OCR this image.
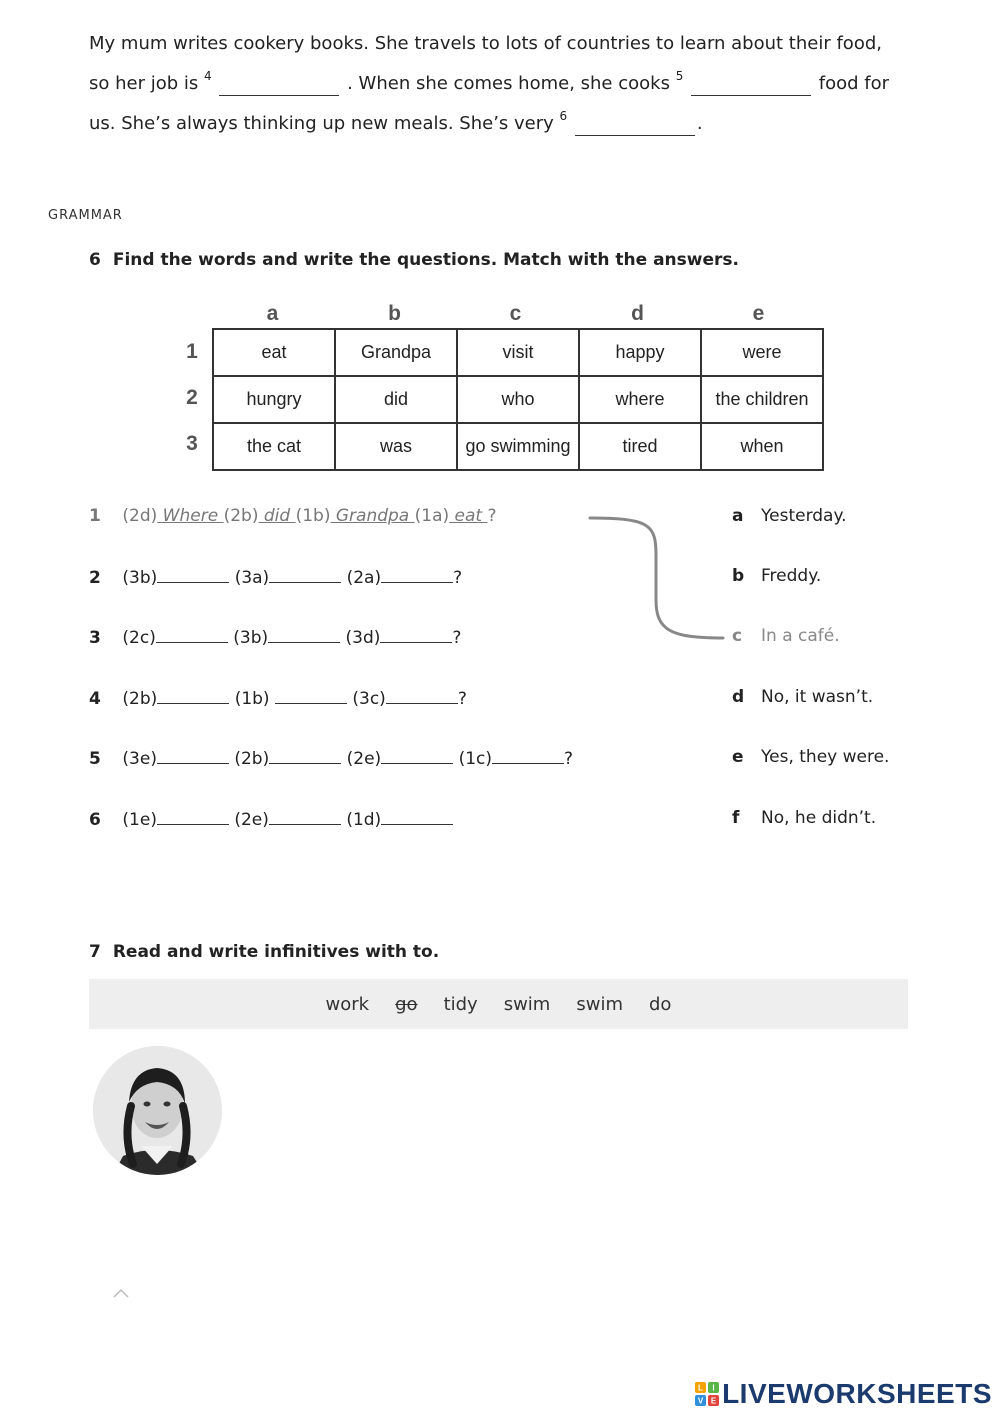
My mum writes cookery books. She travels to lots of countries to learn about their food,
so her job is $^4$	. When she comes home, she cooks $^5$	food for
us. She’s always thinking up new meals. She’s very $^6$	.
GRAMMAR
6 Find the words and write the questions. Match with the answers.
a	b	c	d	e
1
2
3
eat	Grandpa	visit	happy	were
hungry	did	who	where	the children
the cat	was	go swimming	tired	when
1 (2d) Where (2b) did (1b) Grandpa (1a) eat ?
2 (3b)	(3a)	(2a)	?
3 (2c)	(3b)	(3d)	?
4 (2b)	(1b)	(3c)	?
5 (3e)	(2b)	(2e)	(1c)	?
6 (1e)	(2e)	(1d)
a Yesterday.
b Freddy.
c In a café.
d No, it wasn’t.
e Yes, they were.
f No, he didn’t.
7 Read and write infinitives with to.
work go tidy swim swim do
L I
V E LIVEWORKSHEETS
